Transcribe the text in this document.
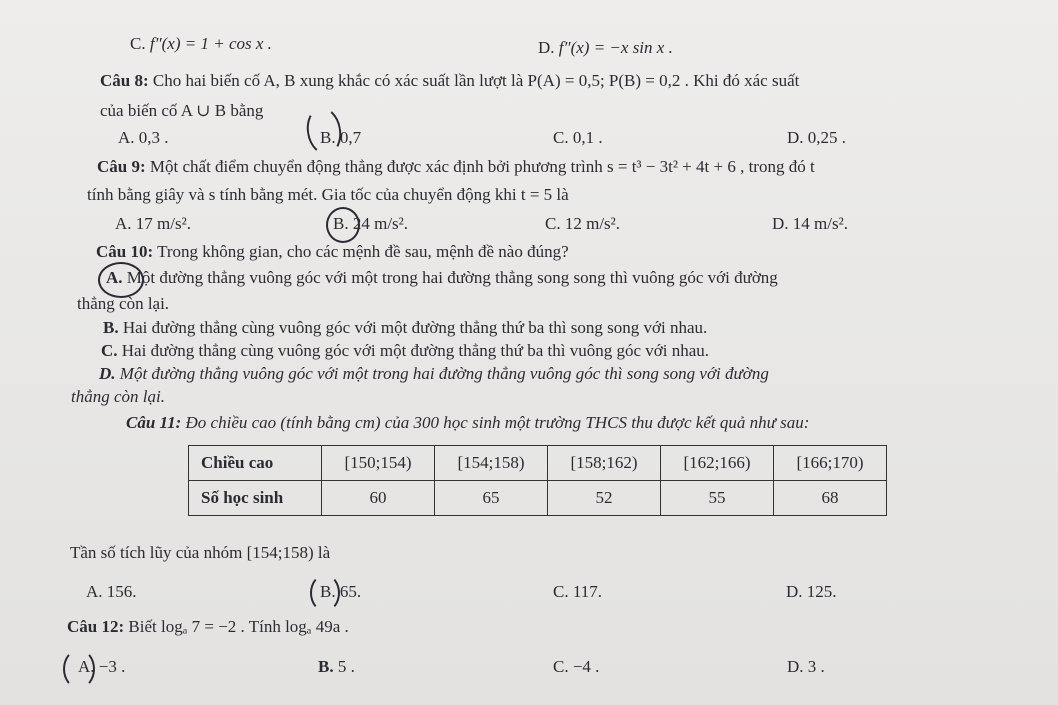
C. f″(x) = 1 + cos x .	D. f″(x) = −x sin x .
Câu 8: Cho hai biến cố A, B xung khắc có xác suất lần lượt là P(A) = 0,5; P(B) = 0,2 . Khi đó xác suất
của biến cố A ∪ B bằng
A. 0,3 .	B. 0,7	C. 0,1 .	D. 0,25 .
Câu 9: Một chất điểm chuyển động thẳng được xác định bởi phương trình s = t³ − 3t² + 4t + 6 , trong đó t
tính bằng giây và s tính bằng mét. Gia tốc của chuyển động khi t = 5 là
A. 17 m/s².	B. 24 m/s².	C. 12 m/s².	D. 14 m/s².
Câu 10: Trong không gian, cho các mệnh đề sau, mệnh đề nào đúng?
A. Một đường thẳng vuông góc với một trong hai đường thẳng song song thì vuông góc với đường
thẳng còn lại.
B. Hai đường thẳng cùng vuông góc với một đường thẳng thứ ba thì song song với nhau.
C. Hai đường thẳng cùng vuông góc với một đường thẳng thứ ba thì vuông góc với nhau.
D. Một đường thẳng vuông góc với một trong hai đường thẳng vuông góc thì song song với đường
thẳng còn lại.
Câu 11: Đo chiều cao (tính bằng cm) của 300 học sinh một trường THCS thu được kết quả như sau:
Chiều cao	[150;154)	[154;158)	[158;162)	[162;166)	[166;170)
Số học sinh	60	65	52	55	68
Tần số tích lũy của nhóm [154;158) là
A. 156.	B. 65.	C. 117.	D. 125.
Câu 12: Biết logₐ 7 = −2 . Tính logₐ 49a .
A. −3 .	B. 5 .	C. −4 .	D. 3 .
